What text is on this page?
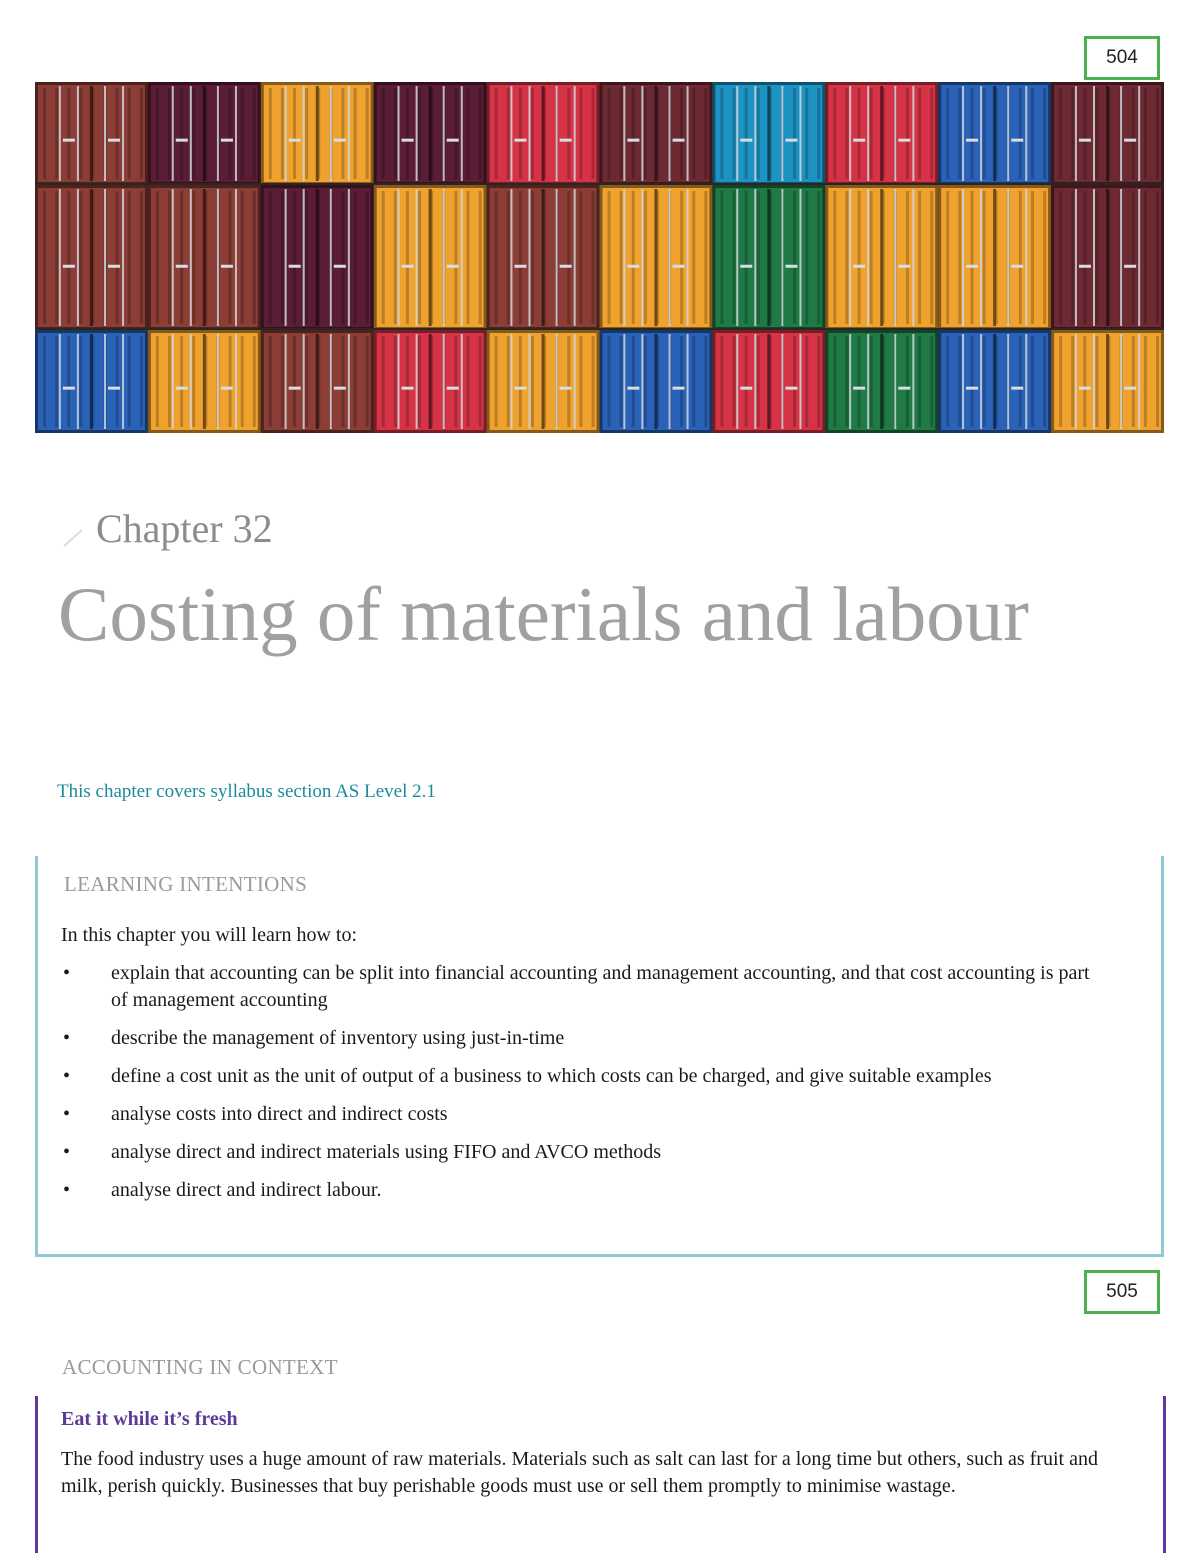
504
Chapter 32
Costing of materials and labour
This chapter covers syllabus section AS Level 2.1
LEARNING INTENTIONS
In this chapter you will learn how to:
• explain that accounting can be split into financial accounting and management accounting, and that cost accounting is part of management accounting
• describe the management of inventory using just-in-time
• define a cost unit as the unit of output of a business to which costs can be charged, and give suitable examples
• analyse costs into direct and indirect costs
• analyse direct and indirect materials using FIFO and AVCO methods
• analyse direct and indirect labour.
505
ACCOUNTING IN CONTEXT
Eat it while it’s fresh
The food industry uses a huge amount of raw materials. Materials such as salt can last for a long time but others, such as fruit and milk, perish quickly. Businesses that buy perishable goods must use or sell them promptly to minimise wastage.
